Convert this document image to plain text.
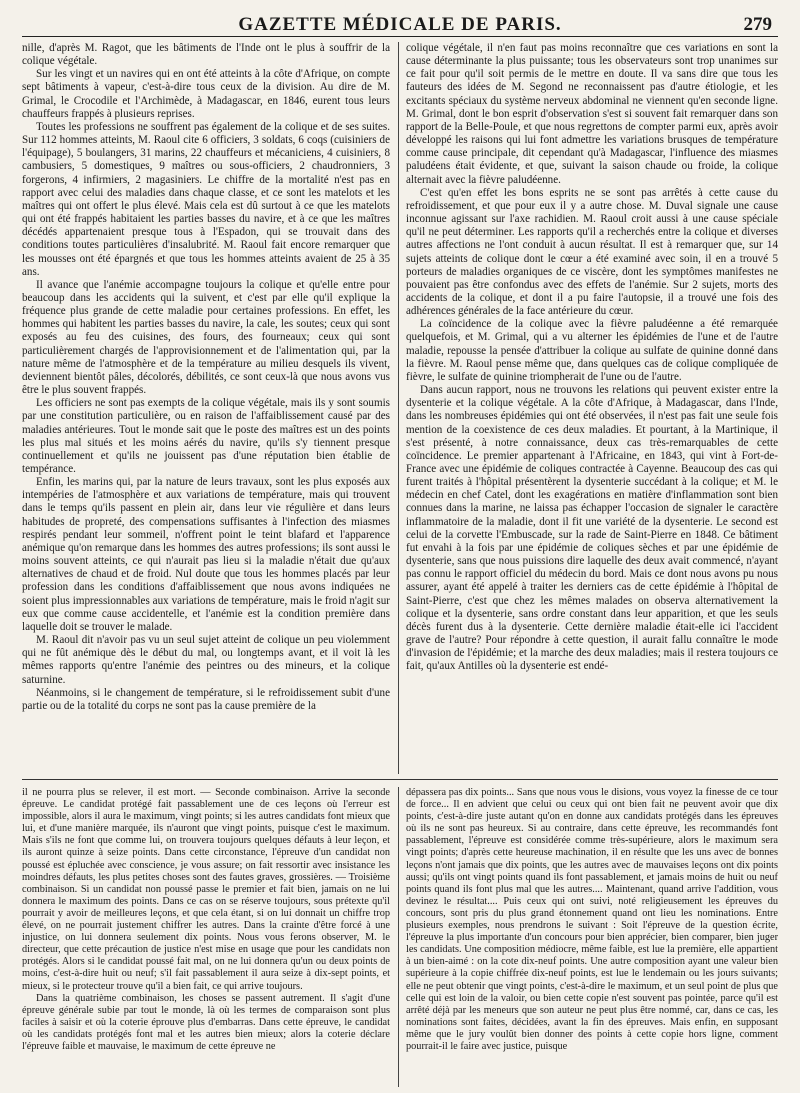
GAZETTE MÉDICALE DE PARIS.	279

nille, d'après M. Ragot, que les bâtiments de l'Inde ont le plus à souffrir de la colique végétale.

Sur les vingt et un navires qui en ont été atteints à la côte d'Afrique, on compte sept bâtiments à vapeur, c'est-à-dire tous ceux de la division. Au dire de M. Grimal, le Crocodile et l'Archimède, à Madagascar, en 1846, eurent tous leurs chauffeurs frappés à plusieurs reprises.

Toutes les professions ne souffrent pas également de la colique et de ses suites. Sur 112 hommes atteints, M. Raoul cite 6 officiers, 3 soldats, 6 coqs (cuisiniers de l'équipage), 5 boulangers, 31 marins, 22 chauffeurs et mécaniciens, 4 cuisiniers, 8 cambusiers, 5 domestiques, 9 maîtres ou sous-officiers, 2 chaudronniers, 3 forgerons, 4 infirmiers, 2 magasiniers. Le chiffre de la mortalité n'est pas en rapport avec celui des maladies dans chaque classe, et ce sont les matelots et les maîtres qui ont offert le plus élevé. Mais cela est dû surtout à ce que les matelots qui ont été frappés habitaient les parties basses du navire, et à ce que les maîtres décédés appartenaient presque tous à l'Espadon, qui se trouvait dans des conditions toutes particulières d'insalubrité. M. Raoul fait encore remarquer que les mousses ont été épargnés et que tous les hommes atteints avaient de 25 à 35 ans.

Il avance que l'anémie accompagne toujours la colique et qu'elle entre pour beaucoup dans les accidents qui la suivent, et c'est par elle qu'il explique la fréquence plus grande de cette maladie pour certaines professions. En effet, les hommes qui habitent les parties basses du navire, la cale, les soutes; ceux qui sont exposés au feu des cuisines, des fours, des fourneaux; ceux qui sont particulièrement chargés de l'approvisionnement et de l'alimentation qui, par la nature même de l'atmosphère et de la température au milieu desquels ils vivent, deviennent bientôt pâles, décolorés, débilités, ce sont ceux-là que nous avons vus être le plus souvent frappés.

Les officiers ne sont pas exempts de la colique végétale, mais ils y sont soumis par une constitution particulière, ou en raison de l'affaiblissement causé par des maladies antérieures. Tout le monde sait que le poste des maîtres est un des points les plus mal situés et les moins aérés du navire, qu'ils s'y tiennent presque continuellement et qu'ils ne jouissent pas d'une réputation bien établie de tempérance.

Enfin, les marins qui, par la nature de leurs travaux, sont les plus exposés aux intempéries de l'atmosphère et aux variations de température, mais qui trouvent dans le temps qu'ils passent en plein air, dans leur vie régulière et dans leurs habitudes de propreté, des compensations suffisantes à l'infection des miasmes respirés pendant leur sommeil, n'offrent point le teint blafard et l'apparence anémique qu'on remarque dans les hommes des autres professions; ils sont aussi le moins souvent atteints, ce qui n'aurait pas lieu si la maladie n'était due qu'aux alternatives de chaud et de froid. Nul doute que tous les hommes placés par leur profession dans les conditions d'affaiblissement que nous avons indiquées ne soient plus impressionnables aux variations de température, mais le froid n'agit sur eux que comme cause accidentelle, et l'anémie est la condition première dans laquelle doit se trouver le malade.

M. Raoul dit n'avoir pas vu un seul sujet atteint de colique un peu violemment qui ne fût anémique dès le début du mal, ou longtemps avant, et il voit là les mêmes rapports qu'entre l'anémie des peintres ou des mineurs, et la colique saturnine.

Néanmoins, si le changement de température, si le refroidissement subit d'une partie ou de la totalité du corps ne sont pas la cause première de la

colique végétale, il n'en faut pas moins reconnaître que ces variations en sont la cause déterminante la plus puissante; tous les observateurs sont trop unanimes sur ce fait pour qu'il soit permis de le mettre en doute. Il va sans dire que tous les fauteurs des idées de M. Segond ne reconnaissent pas d'autre étiologie, et les excitants spéciaux du système nerveux abdominal ne viennent qu'en seconde ligne. M. Grimal, dont le bon esprit d'observation s'est si souvent fait remarquer dans son rapport de la Belle-Poule, et que nous regrettons de compter parmi eux, après avoir développé les raisons qui lui font admettre les variations brusques de température comme cause principale, dit cependant qu'à Madagascar, l'influence des miasmes paludéens était évidente, et que, suivant la saison chaude ou froide, la colique alternait avec la fièvre paludéenne.

C'est qu'en effet les bons esprits ne se sont pas arrêtés à cette cause du refroidissement, et que pour eux il y a autre chose. M. Duval signale une cause inconnue agissant sur l'axe rachidien. M. Raoul croit aussi à une cause spéciale qu'il ne peut déterminer. Les rapports qu'il a recherchés entre la colique et diverses autres affections ne l'ont conduit à aucun résultat. Il est à remarquer que, sur 14 sujets atteints de colique dont le cœur a été examiné avec soin, il en a trouvé 5 porteurs de maladies organiques de ce viscère, dont les symptômes manifestes ne pouvaient pas être confondus avec des effets de l'anémie. Sur 2 sujets, morts des accidents de la colique, et dont il a pu faire l'autopsie, il a trouvé une fois des adhérences générales de la face antérieure du cœur.

La coïncidence de la colique avec la fièvre paludéenne a été remarquée quelquefois, et M. Grimal, qui a vu alterner les épidémies de l'une et de l'autre maladie, repousse la pensée d'attribuer la colique au sulfate de quinine donné dans la fièvre. M. Raoul pense même que, dans quelques cas de colique compliquée de fièvre, le sulfate de quinine triompherait de l'une ou de l'autre.

Dans aucun rapport, nous ne trouvons les relations qui peuvent exister entre la dysenterie et la colique végétale. A la côte d'Afrique, à Madagascar, dans l'Inde, dans les nombreuses épidémies qui ont été observées, il n'est pas fait une seule fois mention de la coexistence de ces deux maladies. Et pourtant, à la Martinique, il s'est présenté, à notre connaissance, deux cas très-remarquables de cette coïncidence. Le premier appartenant à l'Africaine, en 1843, qui vint à Fort-de-France avec une épidémie de coliques contractée à Cayenne. Beaucoup des cas qui furent traités à l'hôpital présentèrent la dysenterie succédant à la colique; et M. le médecin en chef Catel, dont les exagérations en matière d'inflammation sont bien connues dans la marine, ne laissa pas échapper l'occasion de signaler le caractère inflammatoire de la maladie, dont il fit une variété de la dysenterie. Le second est celui de la corvette l'Embuscade, sur la rade de Saint-Pierre en 1848. Ce bâtiment fut envahi à la fois par une épidémie de coliques sèches et par une épidémie de dysenterie, sans que nous puissions dire laquelle des deux avait commencé, n'ayant pas connu le rapport officiel du médecin du bord. Mais ce dont nous avons pu nous assurer, ayant été appelé à traiter les derniers cas de cette épidémie à l'hôpital de Saint-Pierre, c'est que chez les mêmes malades on observa alternativement la colique et la dysenterie, sans ordre constant dans leur apparition, et que les seuls décès furent dus à la dysenterie. Cette dernière maladie était-elle ici l'accident grave de l'autre? Pour répondre à cette question, il aurait fallu connaître le mode d'invasion de l'épidémie; et la marche des deux maladies; mais il restera toujours ce fait, qu'aux Antilles où la dysenterie est endé-

il ne pourra plus se relever, il est mort. — Seconde combinaison. Arrive la seconde épreuve. Le candidat protégé fait passablement une de ces leçons où l'erreur est impossible, alors il aura le maximum, vingt points; si les autres candidats font mieux que lui, et d'une manière marquée, ils n'auront que vingt points, puisque c'est le maximum. Mais s'ils ne font que comme lui, on trouvera toujours quelques défauts à leur leçon, et ils auront quinze à seize points. Dans cette circonstance, l'épreuve d'un candidat non poussé est épluchée avec conscience, je vous assure; on fait ressortir avec insistance les moindres défauts, les plus petites choses sont des fautes graves, grossières. — Troisième combinaison. Si un candidat non poussé passe le premier et fait bien, jamais on ne lui donnera le maximum des points. Dans ce cas on se réserve toujours, sous prétexte qu'il pourrait y avoir de meilleures leçons, et que cela étant, si on lui donnait un chiffre trop élevé, on ne pourrait justement chiffrer les autres. Dans la crainte d'être forcé à une injustice, on lui donnera seulement dix points. Nous vous ferons observer, M. le directeur, que cette précaution de justice n'est mise en usage que pour les candidats non protégés. Alors si le candidat poussé fait mal, on ne lui donnera qu'un ou deux points de moins, c'est-à-dire huit ou neuf; s'il fait passablement il aura seize à dix-sept points, et mieux, si le protecteur trouve qu'il a bien fait, ce qui arrive toujours.

Dans la quatrième combinaison, les choses se passent autrement. Il s'agit d'une épreuve générale subie par tout le monde, là où les termes de comparaison sont plus faciles à saisir et où la coterie éprouve plus d'embarras. Dans cette épreuve, le candidat où les candidats protégés font mal et les autres bien mieux; alors la coterie déclare l'épreuve faible et mauvaise, le maximum de cette épreuve ne

dépassera pas dix points... Sans que nous vous le disions, vous voyez la finesse de ce tour de force... Il en advient que celui ou ceux qui ont bien fait ne peuvent avoir que dix points, c'est-à-dire juste autant qu'on en donne aux candidats protégés dans les épreuves où ils ne sont pas heureux. Si au contraire, dans cette épreuve, les recommandés font passablement, l'épreuve est considérée comme très-supérieure, alors le maximum sera vingt points; d'après cette heureuse machination, il en résulte que les uns avec de bonnes leçons n'ont jamais que dix points, que les autres avec de mauvaises leçons ont dix points aussi; qu'ils ont vingt points quand ils font passablement, et jamais moins de huit ou neuf points quand ils font plus mal que les autres.... Maintenant, quand arrive l'addition, vous devinez le résultat.... Puis ceux qui ont suivi, noté religieusement les épreuves du concours, sont pris du plus grand étonnement quand ont lieu les nominations. Entre plusieurs exemples, nous prendrons le suivant : Soit l'épreuve de la question écrite, l'épreuve la plus importante d'un concours pour bien apprécier, bien comparer, bien juger les candidats. Une composition médiocre, même faible, est lue la première, elle appartient à un bien-aimé : on la cote dix-neuf points. Une autre composition ayant une valeur bien supérieure à la copie chiffrée dix-neuf points, est lue le lendemain ou les jours suivants; elle ne peut obtenir que vingt points, c'est-à-dire le maximum, et un seul point de plus que celle qui est loin de la valoir, ou bien cette copie n'est souvent pas pointée, parce qu'il est arrêté déjà par les meneurs que son auteur ne peut plus être nommé, car, dans ce cas, les nominations sont faites, décidées, avant la fin des épreuves. Mais enfin, en supposant même que le jury voulût bien donner des points à cette copie hors ligne, comment pourrait-il le faire avec justice, puisque
